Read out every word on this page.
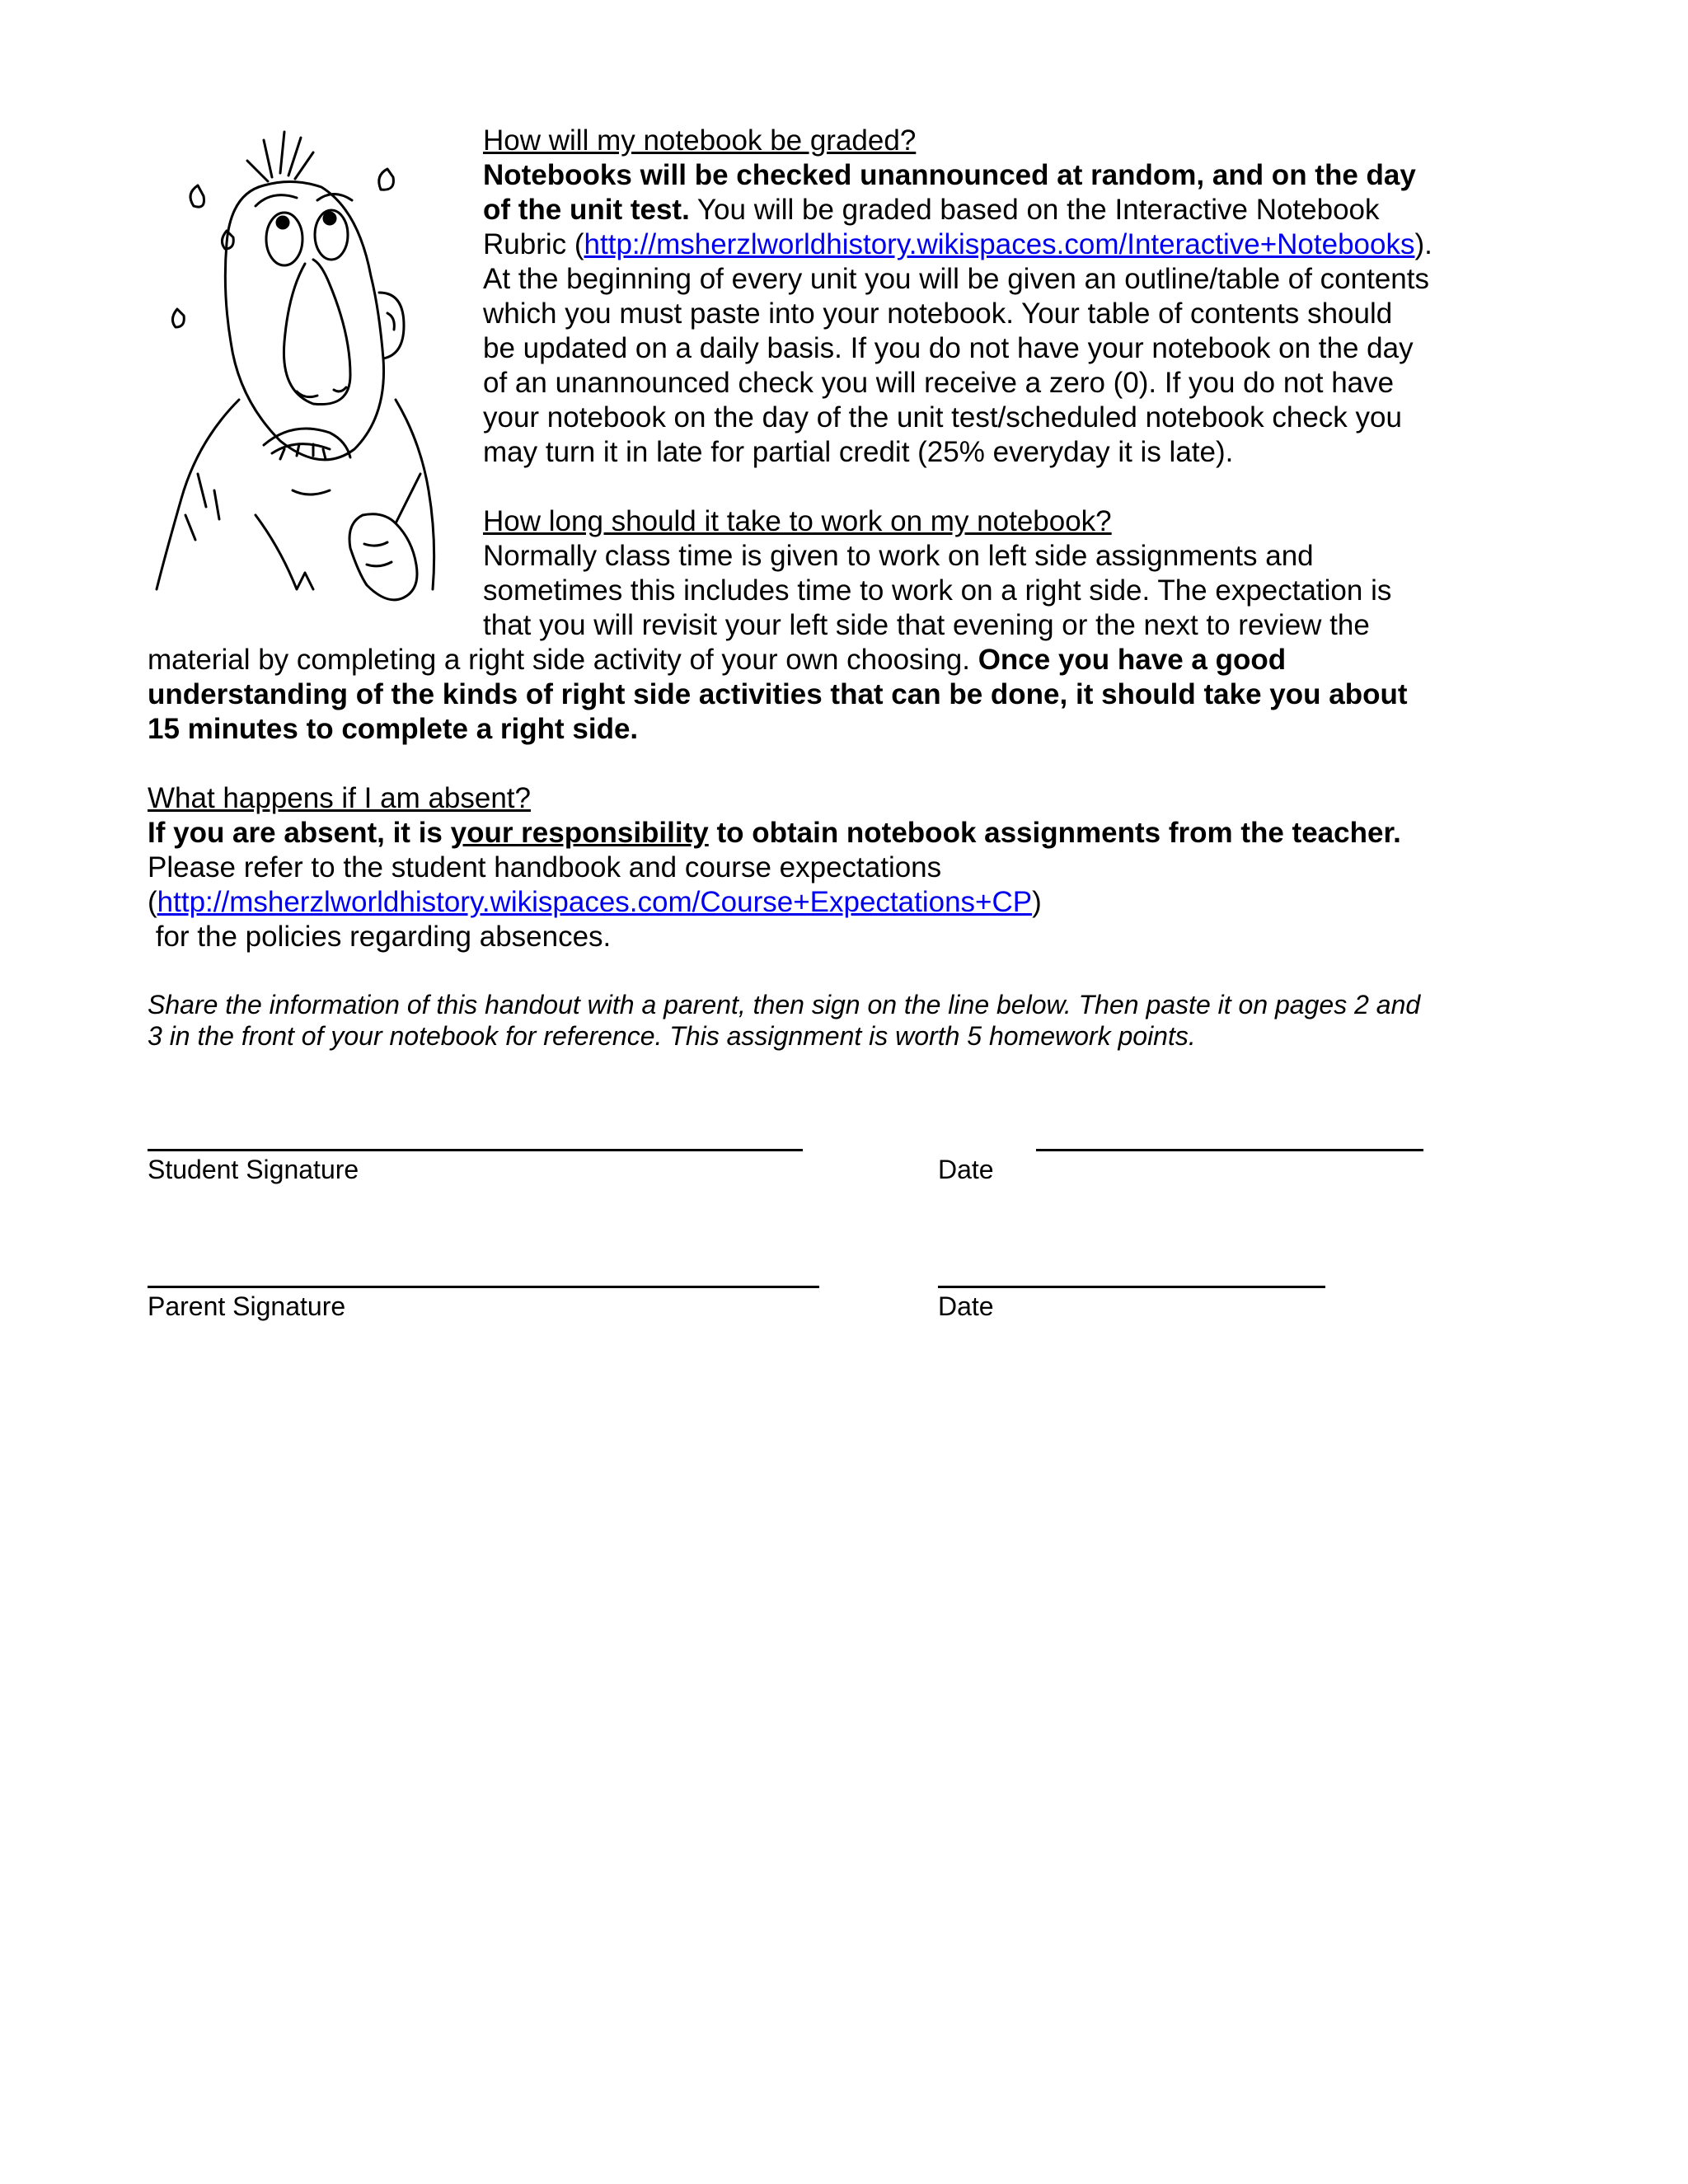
How will my notebook be graded?
Notebooks will be checked unannounced at random, and on the day
of the unit test. You will be graded based on the Interactive Notebook
Rubric (http://msherzlworldhistory.wikispaces.com/Interactive+Notebooks).
At the beginning of every unit you will be given an outline/table of contents
which you must paste into your notebook. Your table of contents should
be updated on a daily basis. If you do not have your notebook on the day
of an unannounced check you will receive a zero (0). If you do not have
your notebook on the day of the unit test/scheduled notebook check you
may turn it in late for partial credit (25% everyday it is late).
How long should it take to work on my notebook?
Normally class time is given to work on left side assignments and
sometimes this includes time to work on a right side. The expectation is
that you will revisit your left side that evening or the next to review the
material by completing a right side activity of your own choosing. Once you have a good
understanding of the kinds of right side activities that can be done, it should take you about
15 minutes to complete a right side.
What happens if I am absent?
If you are absent, it is your responsibility to obtain notebook assignments from the teacher.
Please refer to the student handbook and course expectations
(http://msherzlworldhistory.wikispaces.com/Course+Expectations+CP)
for the policies regarding absences.
Share the information of this handout with a parent, then sign on the line below. Then paste it on pages 2 and
3 in the front of your notebook for reference. This assignment is worth 5 homework points.
Student Signature	Date
Parent Signature	Date
